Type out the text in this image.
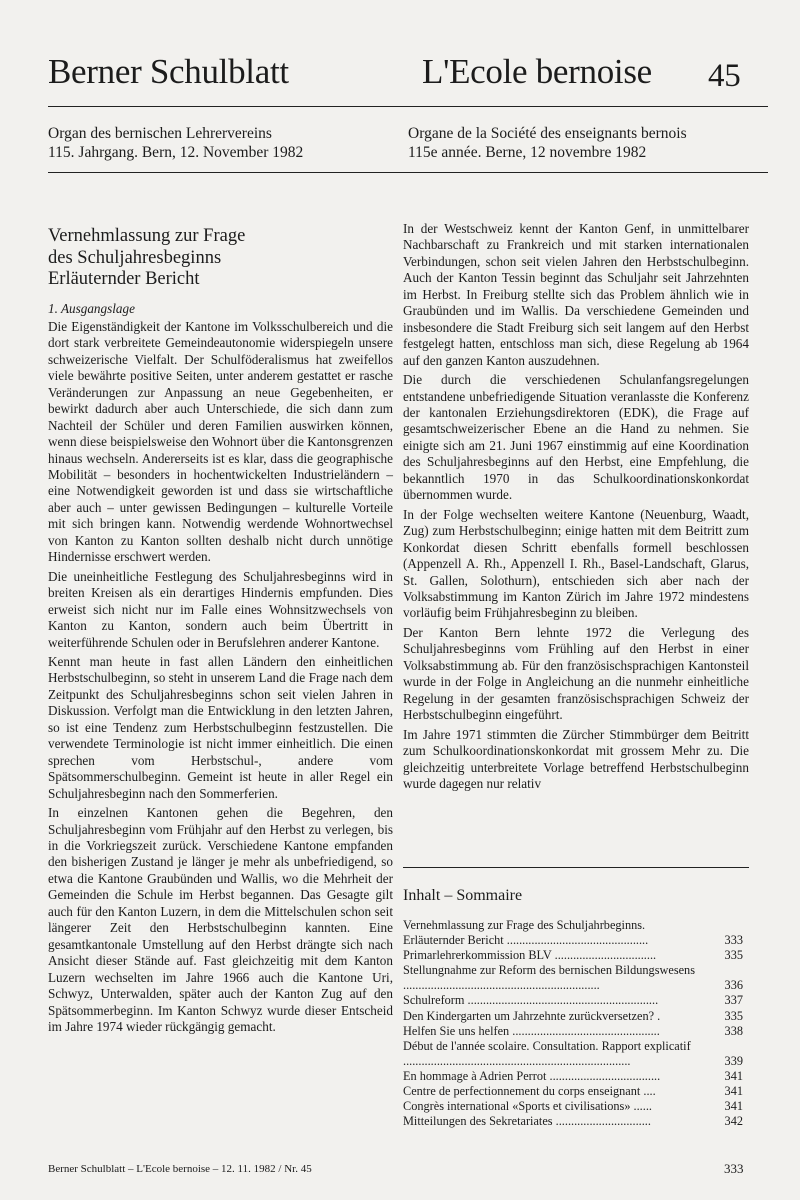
Berner Schulblatt	L'Ecole bernoise 45
Organ des bernischen Lehrervereins
115. Jahrgang. Bern, 12. November 1982
Organe de la Société des enseignants bernois
115e année. Berne, 12 novembre 1982
Vernehmlassung zur Frage
des Schuljahresbeginns
Erläuternder Bericht
1. Ausgangslage

Die Eigenständigkeit der Kantone im Volksschulbereich und die dort stark verbreitete Gemeindeautonomie widerspiegeln unsere schweizerische Vielfalt. Der Schulföderalismus hat zweifellos viele bewährte positive Seiten, unter anderem gestattet er rasche Veränderungen zur Anpassung an neue Gegebenheiten, er bewirkt dadurch aber auch Unterschiede, die sich dann zum Nachteil der Schüler und deren Familien auswirken können, wenn diese beispielsweise den Wohnort über die Kantonsgrenzen hinaus wechseln. Andererseits ist es klar, dass die geographische Mobilität – besonders in hochentwickelten Industrieländern – eine Notwendigkeit geworden ist und dass sie wirtschaftliche aber auch – unter gewissen Bedingungen – kulturelle Vorteile mit sich bringen kann. Notwendig werdende Wohnortwechsel von Kanton zu Kanton sollten deshalb nicht durch unnötige Hindernisse erschwert werden.

Die uneinheitliche Festlegung des Schuljahresbeginns wird in breiten Kreisen als ein derartiges Hindernis empfunden. Dies erweist sich nicht nur im Falle eines Wohnsitzwechsels von Kanton zu Kanton, sondern auch beim Übertritt in weiterführende Schulen oder in Berufslehren anderer Kantone.

Kennt man heute in fast allen Ländern den einheitlichen Herbstschulbeginn, so steht in unserem Land die Frage nach dem Zeitpunkt des Schuljahresbeginns schon seit vielen Jahren in Diskussion. Verfolgt man die Entwicklung in den letzten Jahren, so ist eine Tendenz zum Herbstschulbeginn festzustellen. Die verwendete Terminologie ist nicht immer einheitlich. Die einen sprechen vom Herbstschul-, andere vom Spätsommerschulbeginn. Gemeint ist heute in aller Regel ein Schuljahresbeginn nach den Sommerferien.

In einzelnen Kantonen gehen die Begehren, den Schuljahresbeginn vom Frühjahr auf den Herbst zu verlegen, bis in die Vorkriegszeit zurück. Verschiedene Kantone empfanden den bisherigen Zustand je länger je mehr als unbefriedigend, so etwa die Kantone Graubünden und Wallis, wo die Mehrheit der Gemeinden die Schule im Herbst begannen. Das Gesagte gilt auch für den Kanton Luzern, in dem die Mittelschulen schon seit längerer Zeit den Herbstschulbeginn kannten. Eine gesamtkantonale Umstellung auf den Herbst drängte sich nach Ansicht dieser Stände auf. Fast gleichzeitig mit dem Kanton Luzern wechselten im Jahre 1966 auch die Kantone Uri, Schwyz, Unterwalden, später auch der Kanton Zug auf den Spätsommerbeginn. Im Kanton Schwyz wurde dieser Entscheid im Jahre 1974 wieder rückgängig gemacht.

In der Westschweiz kennt der Kanton Genf, in unmittelbarer Nachbarschaft zu Frankreich und mit starken internationalen Verbindungen, schon seit vielen Jahren den Herbstschulbeginn. Auch der Kanton Tessin beginnt das Schuljahr seit Jahrzehnten im Herbst. In Freiburg stellte sich das Problem ähnlich wie in Graubünden und im Wallis. Da verschiedene Gemeinden und insbesondere die Stadt Freiburg sich seit langem auf den Herbst festgelegt hatten, entschloss man sich, diese Regelung ab 1964 auf den ganzen Kanton auszudehnen.

Die durch die verschiedenen Schulanfangsregelungen entstandene unbefriedigende Situation veranlasste die Konferenz der kantonalen Erziehungsdirektoren (EDK), die Frage auf gesamtschweizerischer Ebene an die Hand zu nehmen. Sie einigte sich am 21. Juni 1967 einstimmig auf eine Koordination des Schuljahresbeginns auf den Herbst, eine Empfehlung, die bekanntlich 1970 in das Schulkoordinationskonkordat übernommen wurde.

In der Folge wechselten weitere Kantone (Neuenburg, Waadt, Zug) zum Herbstschulbeginn; einige hatten mit dem Beitritt zum Konkordat diesen Schritt ebenfalls formell beschlossen (Appenzell A. Rh., Appenzell I. Rh., Basel-Landschaft, Glarus, St. Gallen, Solothurn), entschieden sich aber nach der Volksabstimmung im Kanton Zürich im Jahre 1972 mindestens vorläufig beim Frühjahresbeginn zu bleiben.

Der Kanton Bern lehnte 1972 die Verlegung des Schuljahresbeginns vom Frühling auf den Herbst in einer Volksabstimmung ab. Für den französischsprachigen Kantonsteil wurde in der Folge in Angleichung an die nunmehr einheitliche Regelung in der gesamten französischsprachigen Schweiz der Herbstschulbeginn eingeführt.

Im Jahre 1971 stimmten die Zürcher Stimmbürger dem Beitritt zum Schulkoordinationskonkordat mit grossem Mehr zu. Die gleichzeitig unterbreitete Vorlage betreffend Herbstschulbeginn wurde dagegen nur relativ

Inhalt – Sommaire
Vernehmlassung zur Frage des Schuljahrbeginns. Erläuternder Bericht ..............................................	333
Primarlehrerkommission BLV .................................	335
Stellungnahme zur Reform des bernischen Bildungswesens ................................................................	336
Schulreform ..............................................................	337
Den Kindergarten um Jahrzehnte zurückversetzen? .	335
Helfen Sie uns helfen ................................................	338
Début de l'année scolaire. Consultation. Rapport explicatif ..........................................................................	339
En hommage à Adrien Perrot ....................................	341
Centre de perfectionnement du corps enseignant ....	341
Congrès international «Sports et civilisations» ......	341
Mitteilungen des Sekretariates ...............................	342
Berner Schulblatt – L'Ecole bernoise – 12. 11. 1982 / Nr. 45	333
